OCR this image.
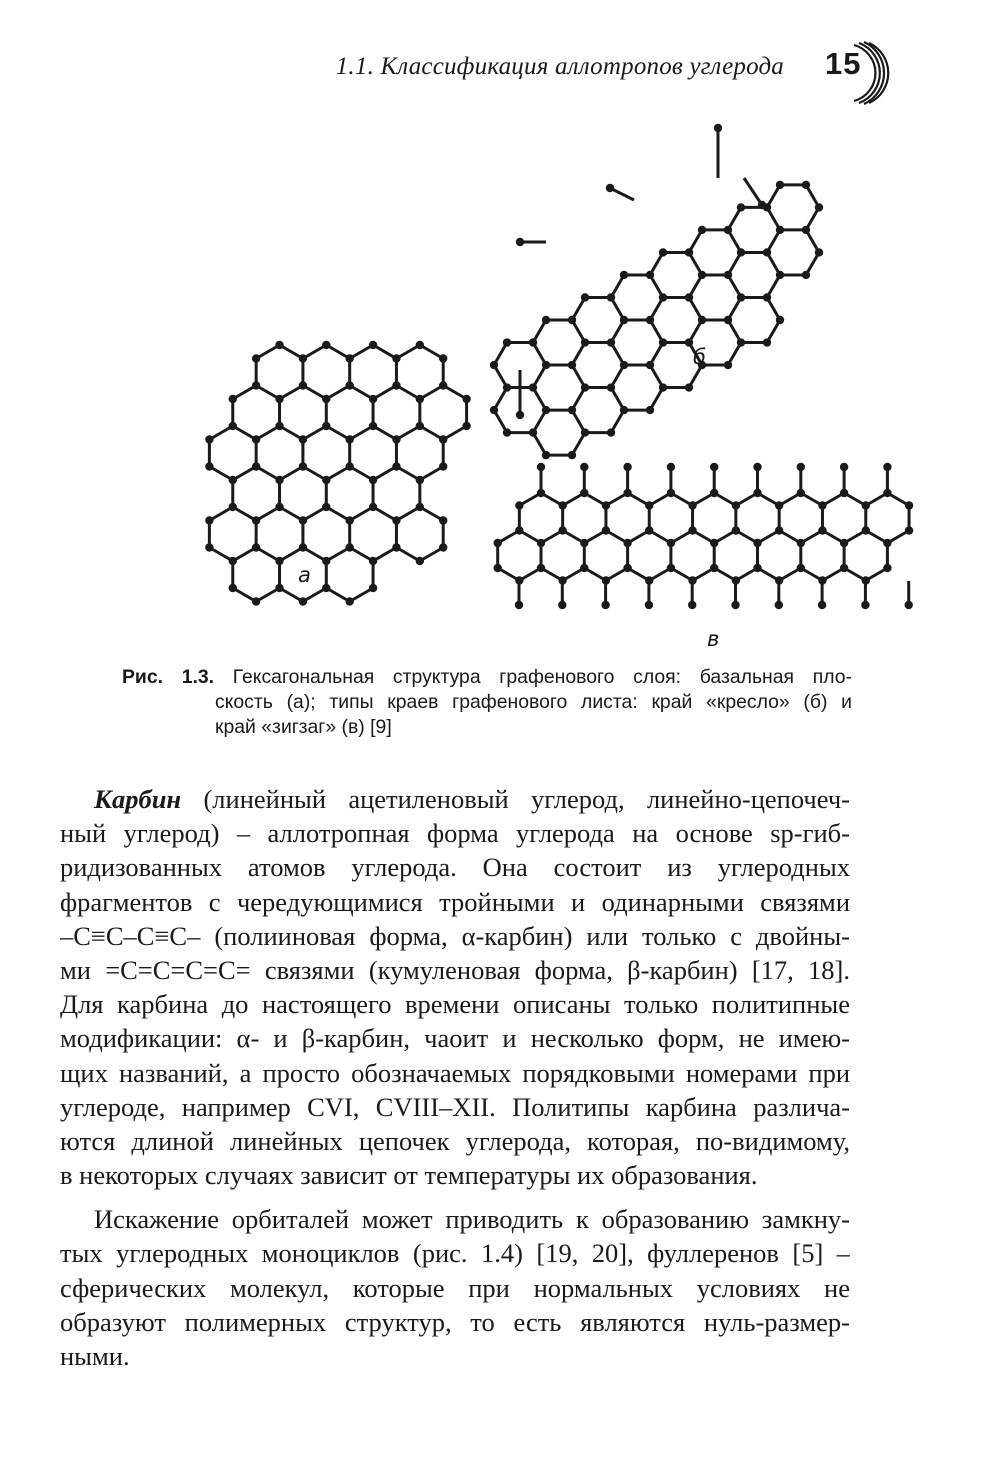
1.1. Классификация аллотропов углерода 15
а
б
в
Рис. 1.3. Гексагональная структура графенового слоя: базальная пло-
скость (а); типы краев графенового листа: край «кресло» (б) и
край «зигзаг» (в) [9]
Карбин (линейный ацетиленовый углерод, линейно-цепочеч-
ный углерод) – аллотропная форма углерода на основе sp-гиб-
ридизованных атомов углерода. Она состоит из углеродных
фрагментов с чередующимися тройными и одинарными связями
–C≡C–C≡C– (полииновая форма, α-карбин) или только с двойны-
ми =C=C=C=C= связями (кумуленовая форма, β-карбин) [17, 18].
Для карбина до настоящего времени описаны только политипные
модификации: α- и β-карбин, чаоит и несколько форм, не имею-
щих названий, а просто обозначаемых порядковыми номерами при
углероде, например CVI, CVIII–XII. Политипы карбина различа-
ются длиной линейных цепочек углерода, которая, по-видимому,
в некоторых случаях зависит от температуры их образования.
Искажение орбиталей может приводить к образованию замкну-
тых углеродных моноциклов (рис. 1.4) [19, 20], фуллеренов [5] –
сферических молекул, которые при нормальных условиях не
образуют полимерных структур, то есть являются нуль-размер-
ными.
